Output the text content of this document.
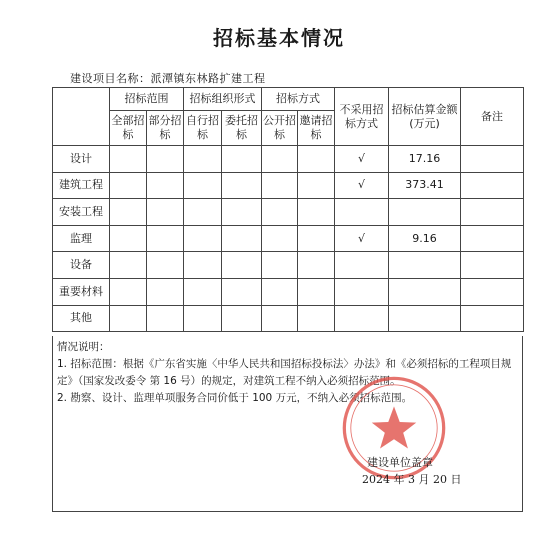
招标基本情况
建设项目名称：派潭镇东林路扩建工程
	招标范围		招标组织形式		招标方式		不采用招标方式	招标估算金额(万元)	备注
	全部招标	部分招标	自行招标	委托招标	公开招标	邀请招标			
设计							√	17.16	
建筑工程							√	373.41	
安装工程									
监理							√	9.16	
设备									
重要材料									
其他									
情况说明：
1. 招标范围：根据《广东省实施〈中华人民共和国招标投标法〉办法》和《必须招标的工程项目规定》（国家发改委令 第 16 号）的规定，对建筑工程不纳入必须招标范围。
2. 勘察、设计、监理单项服务合同价低于 100 万元，不纳入必须招标范围。
建设单位盖章
2024 年 3 月 20 日
